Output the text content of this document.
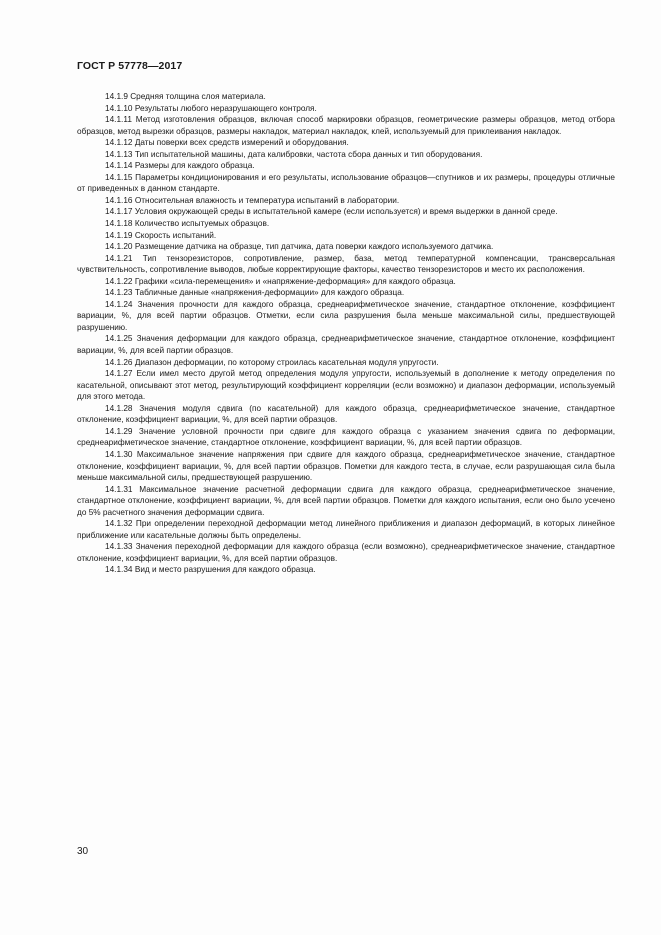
ГОСТ Р 57778—2017

14.1.9 Средняя толщина слоя материала.

14.1.10 Результаты любого неразрушающего контроля.

14.1.11 Метод изготовления образцов, включая способ маркировки образцов, геометрические размеры образцов, метод отбора образцов, метод вырезки образцов, размеры накладок, материал накладок, клей, используемый для приклеивания накладок.

14.1.12 Даты поверки всех средств измерений и оборудования.

14.1.13 Тип испытательной машины, дата калибровки, частота сбора данных и тип оборудования.

14.1.14 Размеры для каждого образца.

14.1.15 Параметры кондиционирования и его результаты, использование образцов—спутников и их размеры, процедуры отличные от приведенных в данном стандарте.

14.1.16 Относительная влажность и температура испытаний в лаборатории.

14.1.17 Условия окружающей среды в испытательной камере (если используется) и время выдержки в данной среде.

14.1.18 Количество испытуемых образцов.

14.1.19 Скорость испытаний.

14.1.20 Размещение датчика на образце, тип датчика, дата поверки каждого используемого датчика.

14.1.21 Тип тензорезисторов, сопротивление, размер, база, метод температурной компенсации, трансверсальная чувствительность, сопротивление выводов, любые корректирующие факторы, качество тензорезисторов и место их расположения.

14.1.22 Графики «сила-перемещения» и «напряжение-деформация» для каждого образца.

14.1.23 Табличные данные «напряжения-деформации» для каждого образца.

14.1.24 Значения прочности для каждого образца, среднеарифметическое значение, стандартное отклонение, коэффициент вариации, %, для всей партии образцов. Отметки, если сила разрушения была меньше максимальной силы, предшествующей разрушению.

14.1.25 Значения деформации для каждого образца, среднеарифметическое значение, стандартное отклонение, коэффициент вариации, %, для всей партии образцов.

14.1.26 Диапазон деформации, по которому строилась касательная модуля упругости.

14.1.27 Если имел место другой метод определения модуля упругости, используемый в дополнение к методу определения по касательной, описывают этот метод, результирующий коэффициент корреляции (если возможно) и диапазон деформации, используемый для этого метода.

14.1.28 Значения модуля сдвига (по касательной) для каждого образца, среднеарифметическое значение, стандартное отклонение, коэффициент вариации, %, для всей партии образцов.

14.1.29 Значение условной прочности при сдвиге для каждого образца с указанием значения сдвига по деформации, среднеарифметическое значение, стандартное отклонение, коэффициент вариации, %, для всей партии образцов.

14.1.30 Максимальное значение напряжения при сдвиге для каждого образца, среднеарифметическое значение, стандартное отклонение, коэффициент вариации, %, для всей партии образцов. Пометки для каждого теста, в случае, если разрушающая сила была меньше максимальной силы, предшествующей разрушению.

14.1.31 Максимальное значение расчетной деформации сдвига для каждого образца, среднеарифметическое значение, стандартное отклонение, коэффициент вариации, %, для всей партии образцов. Пометки для каждого испытания, если оно было усечено до 5% расчетного значения деформации сдвига.

14.1.32 При определении переходной деформации метод линейного приближения и диапазон деформаций, в которых линейное приближение или касательные должны быть определены.

14.1.33 Значения переходной деформации для каждого образца (если возможно), среднеарифметическое значение, стандартное отклонение, коэффициент вариации, %, для всей партии образцов.

14.1.34 Вид и место разрушения для каждого образца.

30
